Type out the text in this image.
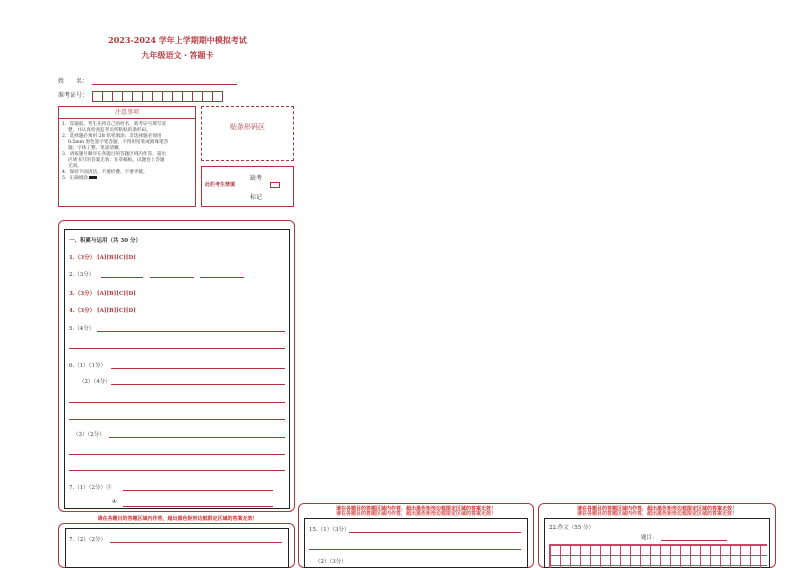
2023-2024 学年上学期期中模拟考试
九年级语文・答题卡
姓　　名：
准考证号：
注意事项
1．答题前，考生先将自己的姓名，准考证号填写清
楚，并认真检查监考员所粘贴的条形码。
2．选择题必须用 2B 铅笔填涂；非选择题必须用
0.5mm 黑色签字笔答题，不得用铅笔或圆珠笔答
题；字体工整、笔迹清晰。
3．请按题号顺序在各题目的答题区域内作答，超出
区域书写的答案无效；在草稿纸、试题卷上答题
无效。
4．保持卡面清洁，不要折叠、不要弄破。
5．正确填涂
贴条形码区
缺考
此栏考生禁填
标记
一、积累与运用（共 30 分）
1.（3分） [A][B][C][D]
2.（3分）
3.（3分） [A][B][C][D]
4.（3分） [A][B][C][D]
5.（4分）
6.（1）（1分）
（2）（4分）
（3）（2分）
7.（1）（2分）③
④
请在各题目的答题区域内作答，超出黑色矩形边框限定区域的答案无效！
7.（2）（2分）
请在各题目的答题区域内作答，超出黑色矩形边框限定区域的答案无效！
请在各题目的答题区域内作答，超出黑色矩形边框限定区域的答案无效！
15.（1）（3分）
（2）（3分）
请在各题目的答题区域内作答，超出黑色矩形边框限定区域的答案无效！
请在各题目的答题区域内作答，超出黑色矩形边框限定区域的答案无效！
22.作文（55 分）
题目：
